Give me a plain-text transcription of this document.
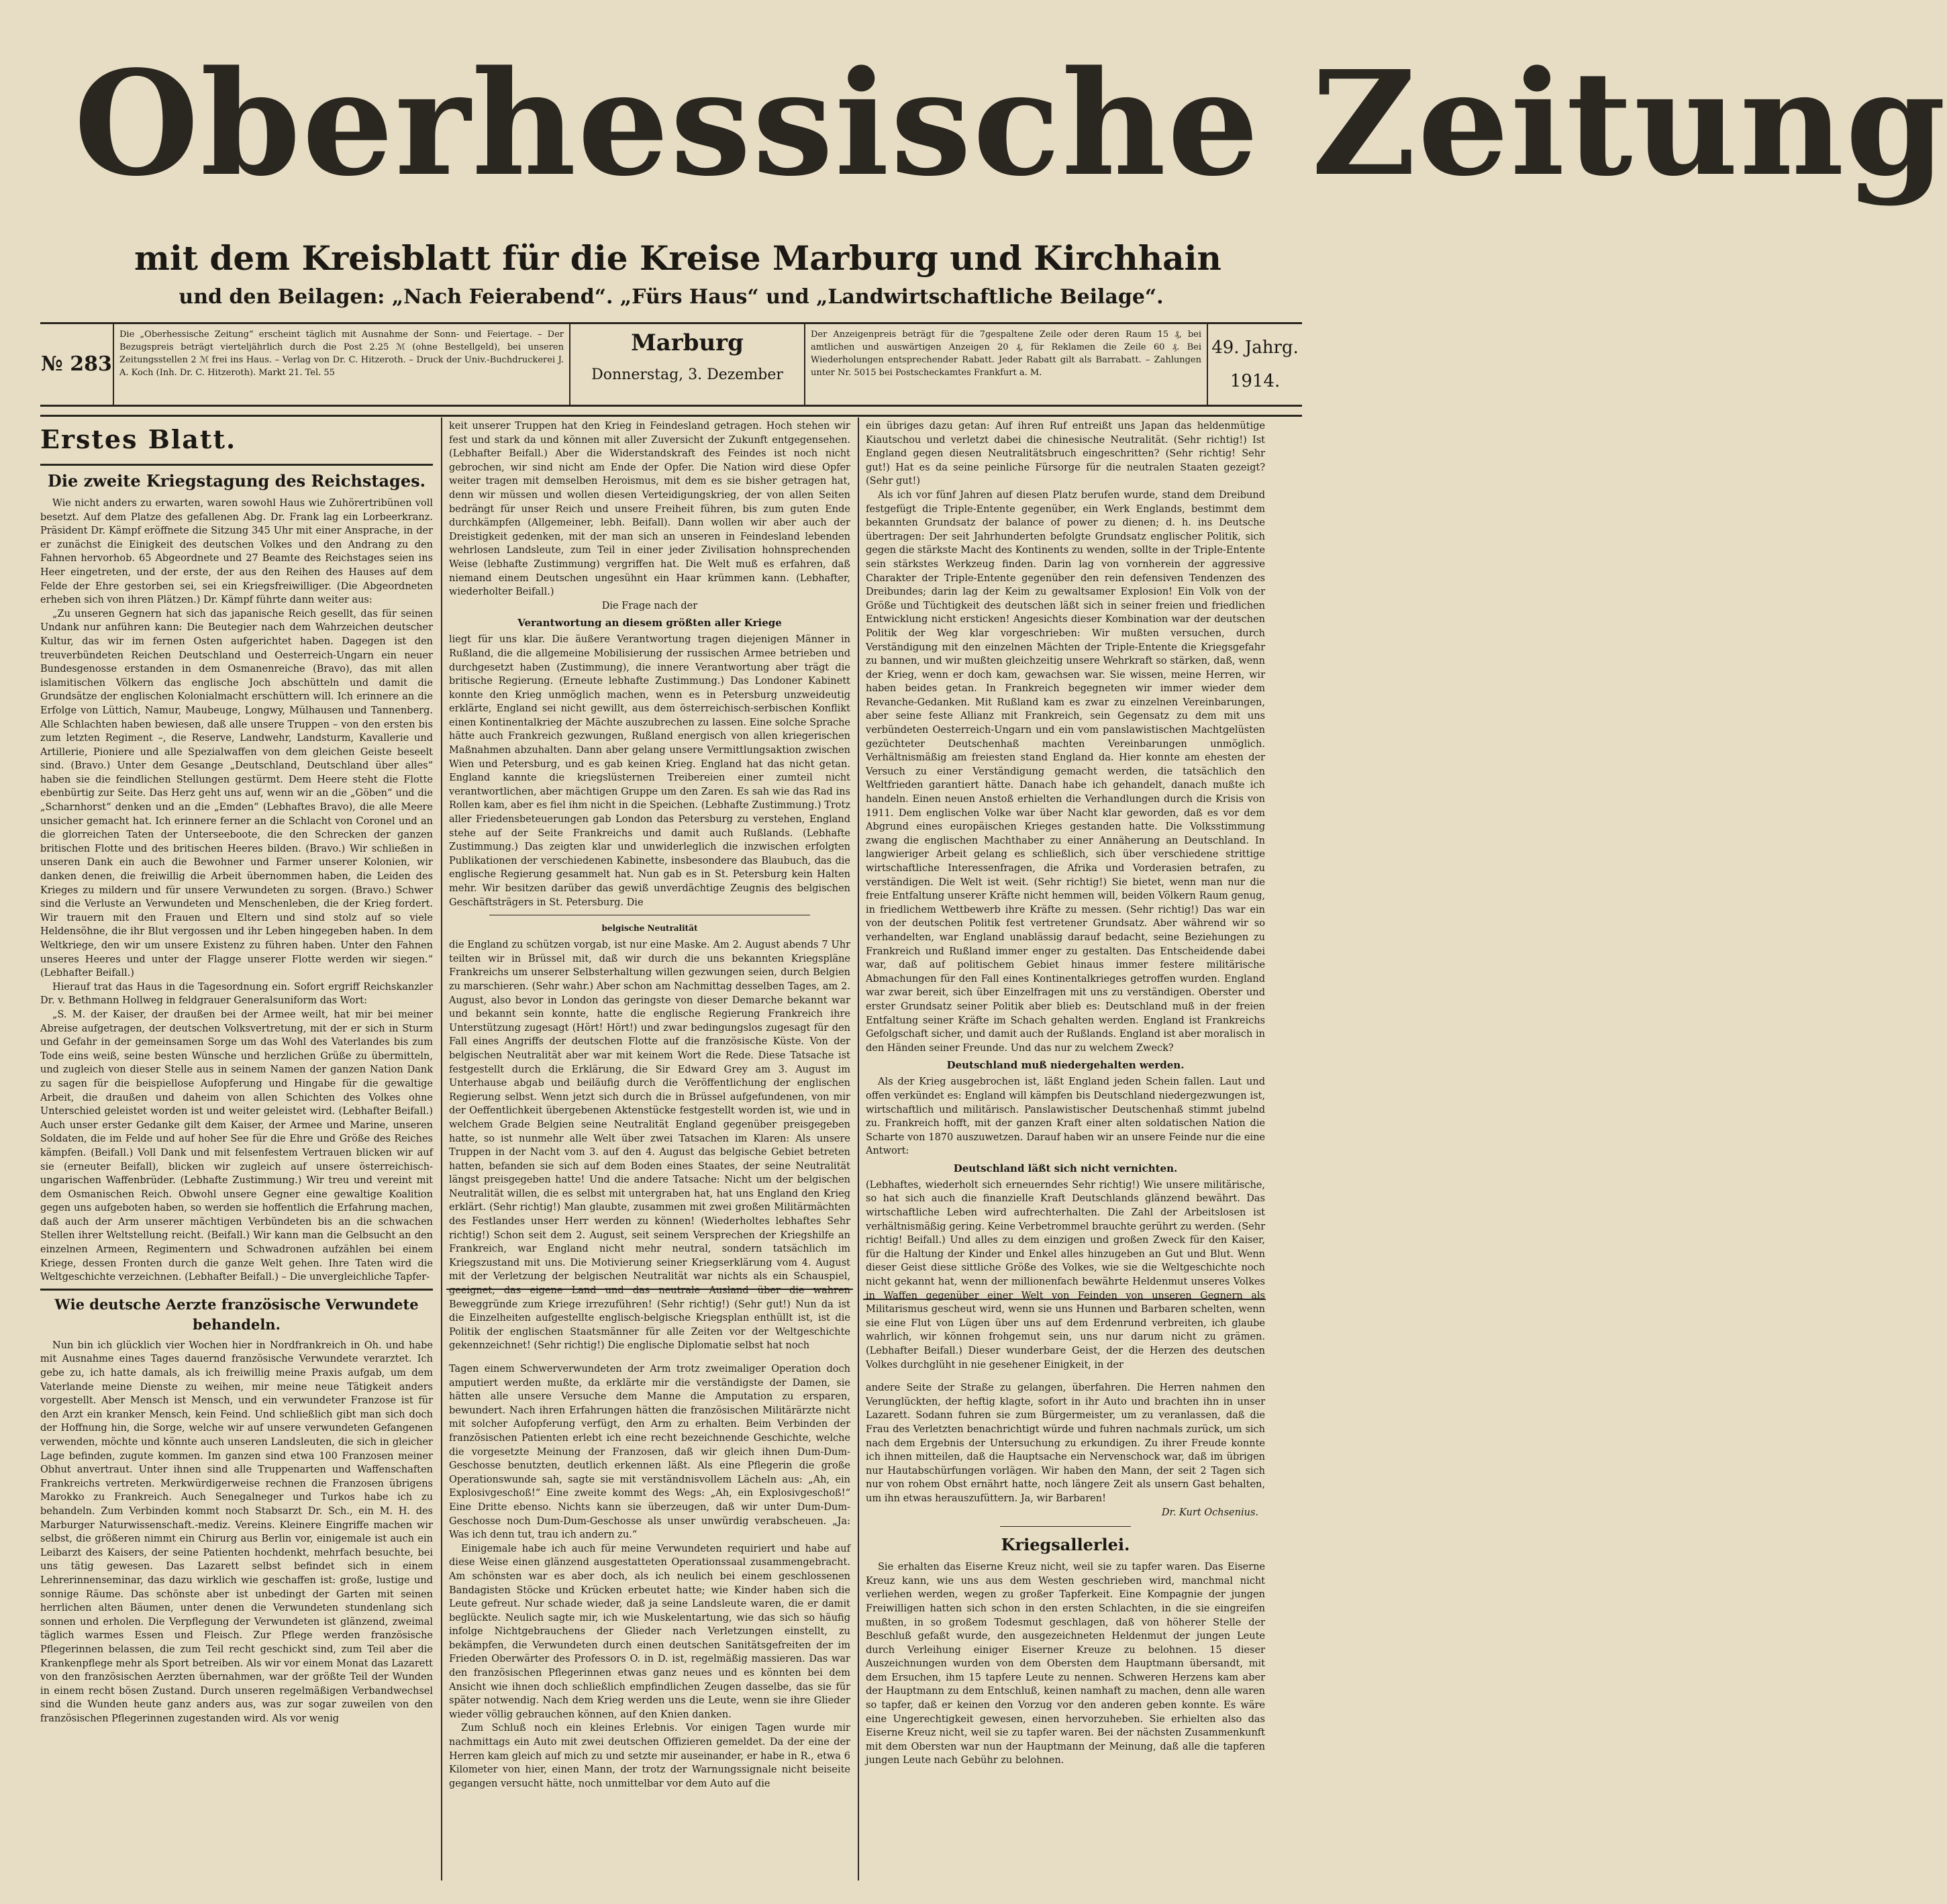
Oberhessische Zeitung
mit dem Kreisblatt für die Kreise Marburg und Kirchhain
und den Beilagen: „Nach Feierabend“. „Fürs Haus“ und „Landwirtschaftliche Beilage“.
№ 283
Die „Oberhessische Zeitung“ erscheint täglich mit Ausnahme der Sonn- und Feiertage. – Der Bezugspreis beträgt vierteljährlich durch die Post 2.25 ℳ (ohne Bestellgeld), bei unseren Zeitungsstellen 2 ℳ frei ins Haus. – Verlag von Dr. C. Hitzeroth. – Druck der Univ.-Buchdruckerei J. A. Koch (Inh. Dr. C. Hitzeroth). Markt 21. Tel. 55
Marburg
Donnerstag, 3. Dezember
Der Anzeigenpreis beträgt für die 7gespaltene Zeile oder deren Raum 15 ₰, bei amtlichen und auswärtigen Anzeigen 20 ₰, für Reklamen die Zeile 60 ₰. Bei Wiederholungen entsprechender Rabatt. Jeder Rabatt gilt als Barrabatt. – Zahlungen unter Nr. 5015 bei Postscheckamtes Frankfurt a. M.
49. Jahrg.
1914.
Erstes Blatt.
Die zweite Kriegstagung des Reichstages.

Wie nicht anders zu erwarten, waren sowohl Haus wie Zuhörertribünen voll besetzt. Auf dem Platze des gefallenen Abg. Dr. Frank lag ein Lorbeerkranz. Präsident Dr. Kämpf eröffnete die Sitzung 345 Uhr mit einer Ansprache, in der er zunächst die Einigkeit des deutschen Volkes und den Andrang zu den Fahnen hervorhob. 65 Abgeordnete und 27 Beamte des Reichstages seien ins Heer eingetreten, und der erste, der aus den Reihen des Hauses auf dem Felde der Ehre gestorben sei, sei ein Kriegsfreiwilliger. (Die Abgeordneten erheben sich von ihren Plätzen.) Dr. Kämpf führte dann weiter aus:

„Zu unseren Gegnern hat sich das japanische Reich gesellt, das für seinen Undank nur anführen kann: Die Beutegier nach dem Wahrzeichen deutscher Kultur, das wir im fernen Osten aufgerichtet haben. Dagegen ist den treuverbündeten Reichen Deutschland und Oesterreich-Ungarn ein neuer Bundesgenosse erstanden in dem Osmanenreiche (Bravo), das mit allen islamitischen Völkern das englische Joch abschütteln und damit die Grundsätze der englischen Kolonialmacht erschüttern will. Ich erinnere an die Erfolge von Lüttich, Namur, Maubeuge, Longwy, Mülhausen und Tannenberg. Alle Schlachten haben bewiesen, daß alle unsere Truppen – von den ersten bis zum letzten Regiment –, die Reserve, Landwehr, Landsturm, Kavallerie und Artillerie, Pioniere und alle Spezialwaffen von dem gleichen Geiste beseelt sind. (Bravo.) Unter dem Gesange „Deutschland, Deutschland über alles“ haben sie die feindlichen Stellungen gestürmt. Dem Heere steht die Flotte ebenbürtig zur Seite. Das Herz geht uns auf, wenn wir an die „Göben“ und die „Scharnhorst“ denken und an die „Emden“ (Lebhaftes Bravo), die alle Meere unsicher gemacht hat. Ich erinnere ferner an die Schlacht von Coronel und an die glorreichen Taten der Unterseeboote, die den Schrecken der ganzen britischen Flotte und des britischen Heeres bilden. (Bravo.) Wir schließen in unseren Dank ein auch die Bewohner und Farmer unserer Kolonien, wir danken denen, die freiwillig die Arbeit übernommen haben, die Leiden des Krieges zu mildern und für unsere Verwundeten zu sorgen. (Bravo.) Schwer sind die Verluste an Verwundeten und Menschenleben, die der Krieg fordert. Wir trauern mit den Frauen und Eltern und sind stolz auf so viele Heldensöhne, die ihr Blut vergossen und ihr Leben hingegeben haben. In dem Weltkriege, den wir um unsere Existenz zu führen haben. Unter den Fahnen unseres Heeres und unter der Flagge unserer Flotte werden wir siegen.“ (Lebhafter Beifall.)

Hierauf trat das Haus in die Tagesordnung ein. Sofort ergriff Reichskanzler Dr. v. Bethmann Hollweg in feldgrauer Generalsuniform das Wort:

„S. M. der Kaiser, der draußen bei der Armee weilt, hat mir bei meiner Abreise aufgetragen, der deutschen Volksvertretung, mit der er sich in Sturm und Gefahr in der gemeinsamen Sorge um das Wohl des Vaterlandes bis zum Tode eins weiß, seine besten Wünsche und herzlichen Grüße zu übermitteln, und zugleich von dieser Stelle aus in seinem Namen der ganzen Nation Dank zu sagen für die beispiellose Aufopferung und Hingabe für die gewaltige Arbeit, die draußen und daheim von allen Schichten des Volkes ohne Unterschied geleistet worden ist und weiter geleistet wird. (Lebhafter Beifall.) Auch unser erster Gedanke gilt dem Kaiser, der Armee und Marine, unseren Soldaten, die im Felde und auf hoher See für die Ehre und Größe des Reiches kämpfen. (Beifall.) Voll Dank und mit felsenfestem Vertrauen blicken wir auf sie (erneuter Beifall), blicken wir zugleich auf unsere österreichisch-ungarischen Waffenbrüder. (Lebhafte Zustimmung.) Wir treu und vereint mit dem Osmanischen Reich. Obwohl unsere Gegner eine gewaltige Koalition gegen uns aufgeboten haben, so werden sie hoffentlich die Erfahrung machen, daß auch der Arm unserer mächtigen Verbündeten bis an die schwachen Stellen ihrer Weltstellung reicht. (Beifall.) Wir kann man die Gelbsucht an den einzelnen Armeen, Regimentern und Schwadronen aufzählen bei einem Kriege, dessen Fronten durch die ganze Welt gehen. Ihre Taten wird die Weltgeschichte verzeichnen. (Lebhafter Beifall.) – Die unvergleichliche Tapfer-

Wie deutsche Aerzte französische Verwundete behandeln.

Nun bin ich glücklich vier Wochen hier in Nordfrankreich in Oh. und habe mit Ausnahme eines Tages dauernd französische Verwundete verarztet. Ich gebe zu, ich hatte damals, als ich freiwillig meine Praxis aufgab, um dem Vaterlande meine Dienste zu weihen, mir meine neue Tätigkeit anders vorgestellt. Aber Mensch ist Mensch, und ein verwundeter Franzose ist für den Arzt ein kranker Mensch, kein Feind. Und schließlich gibt man sich doch der Hoffnung hin, die Sorge, welche wir auf unsere verwundeten Gefangenen verwenden, möchte und könnte auch unseren Landsleuten, die sich in gleicher Lage befinden, zugute kommen. Im ganzen sind etwa 100 Franzosen meiner Obhut anvertraut. Unter ihnen sind alle Truppenarten und Waffenschaften Frankreichs vertreten. Merkwürdigerweise rechnen die Franzosen übrigens Marokko zu Frankreich. Auch Senegalneger und Turkos habe ich zu behandeln. Zum Verbinden kommt noch Stabsarzt Dr. Sch., ein M. H. des Marburger Naturwissenschaft.-mediz. Vereins. Kleinere Eingriffe machen wir selbst, die größeren nimmt ein Chirurg aus Berlin vor, einigemale ist auch ein Leibarzt des Kaisers, der seine Patienten hochdenkt, mehrfach besuchte, bei uns tätig gewesen. Das Lazarett selbst befindet sich in einem Lehrerinnenseminar, das dazu wirklich wie geschaffen ist: große, lustige und sonnige Räume. Das schönste aber ist unbedingt der Garten mit seinen herrlichen alten Bäumen, unter denen die Verwundeten stundenlang sich sonnen und erholen. Die Verpflegung der Verwundeten ist glänzend, zweimal täglich warmes Essen und Fleisch. Zur Pflege werden französische Pflegerinnen belassen, die zum Teil recht geschickt sind, zum Teil aber die Krankenpflege mehr als Sport betreiben. Als wir vor einem Monat das Lazarett von den französischen Aerzten übernahmen, war der größte Teil der Wunden in einem recht bösen Zustand. Durch unseren regelmäßigen Verbandwechsel sind die Wunden heute ganz anders aus, was zur sogar zuweilen von den französischen Pflegerinnen zugestanden wird. Als vor wenig

keit unserer Truppen hat den Krieg in Feindesland getragen. Hoch stehen wir fest und stark da und können mit aller Zuversicht der Zukunft entgegensehen. (Lebhafter Beifall.) Aber die Widerstandskraft des Feindes ist noch nicht gebrochen, wir sind nicht am Ende der Opfer. Die Nation wird diese Opfer weiter tragen mit demselben Heroismus, mit dem es sie bisher getragen hat, denn wir müssen und wollen diesen Verteidigungskrieg, der von allen Seiten bedrängt für unser Reich und unsere Freiheit führen, bis zum guten Ende durchkämpfen (Allgemeiner, lebh. Beifall). Dann wollen wir aber auch der Dreistigkeit gedenken, mit der man sich an unseren in Feindesland lebenden wehrlosen Landsleute, zum Teil in einer jeder Zivilisation hohnsprechenden Weise (lebhafte Zustimmung) vergriffen hat. Die Welt muß es erfahren, daß niemand einem Deutschen ungesühnt ein Haar krümmen kann. (Lebhafter, wiederholter Beifall.)

Die Frage nach der

Verantwortung an diesem größten aller Kriege

liegt für uns klar. Die äußere Verantwortung tragen diejenigen Männer in Rußland, die die allgemeine Mobilisierung der russischen Armee betrieben und durchgesetzt haben (Zustimmung), die innere Verantwortung aber trägt die britische Regierung. (Erneute lebhafte Zustimmung.) Das Londoner Kabinett konnte den Krieg unmöglich machen, wenn es in Petersburg unzweideutig erklärte, England sei nicht gewillt, aus dem österreichisch-serbischen Konflikt einen Kontinentalkrieg der Mächte auszubrechen zu lassen. Eine solche Sprache hätte auch Frankreich gezwungen, Rußland energisch von allen kriegerischen Maßnahmen abzuhalten. Dann aber gelang unsere Vermittlungsaktion zwischen Wien und Petersburg, und es gab keinen Krieg. England hat das nicht getan. England kannte die kriegslüsternen Treibereien einer zumteil nicht verantwortlichen, aber mächtigen Gruppe um den Zaren. Es sah wie das Rad ins Rollen kam, aber es fiel ihm nicht in die Speichen. (Lebhafte Zustimmung.) Trotz aller Friedensbeteuerungen gab London das Petersburg zu verstehen, England stehe auf der Seite Frankreichs und damit auch Rußlands. (Lebhafte Zustimmung.) Das zeigten klar und unwiderleglich die inzwischen erfolgten Publikationen der verschiedenen Kabinette, insbesondere das Blaubuch, das die englische Regierung gesammelt hat. Nun gab es in St. Petersburg kein Halten mehr. Wir besitzen darüber das gewiß unverdächtige Zeugnis des belgischen Geschäftsträgers in St. Petersburg. Die

belgische Neutralität

die England zu schützen vorgab, ist nur eine Maske. Am 2. August abends 7 Uhr teilten wir in Brüssel mit, daß wir durch die uns bekannten Kriegspläne Frankreichs um unserer Selbsterhaltung willen gezwungen seien, durch Belgien zu marschieren. (Sehr wahr.) Aber schon am Nachmittag desselben Tages, am 2. August, also bevor in London das geringste von dieser Demarche bekannt war und bekannt sein konnte, hatte die englische Regierung Frankreich ihre Unterstützung zugesagt (Hört! Hört!) und zwar bedingungslos zugesagt für den Fall eines Angriffs der deutschen Flotte auf die französische Küste. Von der belgischen Neutralität aber war mit keinem Wort die Rede. Diese Tatsache ist festgestellt durch die Erklärung, die Sir Edward Grey am 3. August im Unterhause abgab und beiläufig durch die Veröffentlichung der englischen Regierung selbst. Wenn jetzt sich durch die in Brüssel aufgefundenen, von mir der Oeffentlichkeit übergebenen Aktenstücke festgestellt worden ist, wie und in welchem Grade Belgien seine Neutralität England gegenüber preisgegeben hatte, so ist nunmehr alle Welt über zwei Tatsachen im Klaren: Als unsere Truppen in der Nacht vom 3. auf den 4. August das belgische Gebiet betreten hatten, befanden sie sich auf dem Boden eines Staates, der seine Neutralität längst preisgegeben hatte! Und die andere Tatsache: Nicht um der belgischen Neutralität willen, die es selbst mit untergraben hat, hat uns England den Krieg erklärt. (Sehr richtig!) Man glaubte, zusammen mit zwei großen Militärmächten des Festlandes unser Herr werden zu können! (Wiederholtes lebhaftes Sehr richtig!) Schon seit dem 2. August, seit seinem Versprechen der Kriegshilfe an Frankreich, war England nicht mehr neutral, sondern tatsächlich im Kriegszustand mit uns. Die Motivierung seiner Kriegserklärung vom 4. August mit der Verletzung der belgischen Neutralität war nichts als ein Schauspiel, geeignet, das eigene Land und das neutrale Ausland über die wahren Beweggründe zum Kriege irrezuführen! (Sehr richtig!) (Sehr gut!) Nun da ist die Einzelheiten aufgestellte englisch-belgische Kriegsplan enthüllt ist, ist die Politik der englischen Staatsmänner für alle Zeiten vor der Weltgeschichte gekennzeichnet! (Sehr richtig!) Die englische Diplomatie selbst hat noch

Tagen einem Schwerverwundeten der Arm trotz zweimaliger Operation doch amputiert werden mußte, da erklärte mir die verständigste der Damen, sie hätten alle unsere Versuche dem Manne die Amputation zu ersparen, bewundert. Nach ihren Erfahrungen hätten die französischen Militärärzte nicht mit solcher Aufopferung verfügt, den Arm zu erhalten. Beim Verbinden der französischen Patienten erlebt ich eine recht bezeichnende Geschichte, welche die vorgesetzte Meinung der Franzosen, daß wir gleich ihnen Dum-Dum-Geschosse benutzten, deutlich erkennen läßt. Als eine Pflegerin die große Operationswunde sah, sagte sie mit verständnisvollem Lächeln aus: „Ah, ein Explosivgeschoß!“ Eine zweite kommt des Wegs: „Ah, ein Explosivgeschoß!“ Eine Dritte ebenso. Nichts kann sie überzeugen, daß wir unter Dum-Dum-Geschosse noch Dum-Dum-Geschosse als unser unwürdig verabscheuen. „Ja: Was ich denn tut, trau ich andern zu.“

Einigemale habe ich auch für meine Verwundeten requiriert und habe auf diese Weise einen glänzend ausgestatteten Operationssaal zusammengebracht. Am schönsten war es aber doch, als ich neulich bei einem geschlossenen Bandagisten Stöcke und Krücken erbeutet hatte; wie Kinder haben sich die Leute gefreut. Nur schade wieder, daß ja seine Landsleute waren, die er damit beglückte. Neulich sagte mir, ich wie Muskelentartung, wie das sich so häufig infolge Nichtgebrauchens der Glieder nach Verletzungen einstellt, zu bekämpfen, die Verwundeten durch einen deutschen Sanitätsgefreiten der im Frieden Oberwärter des Professors O. in D. ist, regelmäßig massieren. Das war den französischen Pflegerinnen etwas ganz neues und es könnten bei dem Ansicht wie ihnen doch schließlich empfindlichen Zeugen dasselbe, das sie für später notwendig. Nach dem Krieg werden uns die Leute, wenn sie ihre Glieder wieder völlig gebrauchen können, auf den Knien danken.

Zum Schluß noch ein kleines Erlebnis. Vor einigen Tagen wurde mir nachmittags ein Auto mit zwei deutschen Offizieren gemeldet. Da der eine der Herren kam gleich auf mich zu und setzte mir auseinander, er habe in R., etwa 6 Kilometer von hier, einen Mann, der trotz der Warnungssignale nicht beiseite gegangen versucht hätte, noch unmittelbar vor dem Auto auf die

ein übriges dazu getan: Auf ihren Ruf entreißt uns Japan das heldenmütige Kiautschou und verletzt dabei die chinesische Neutralität. (Sehr richtig!) Ist England gegen diesen Neutralitätsbruch eingeschritten? (Sehr richtig! Sehr gut!) Hat es da seine peinliche Fürsorge für die neutralen Staaten gezeigt? (Sehr gut!)

Als ich vor fünf Jahren auf diesen Platz berufen wurde, stand dem Dreibund festgefügt die Triple-Entente gegenüber, ein Werk Englands, bestimmt dem bekannten Grundsatz der balance of power zu dienen; d. h. ins Deutsche übertragen: Der seit Jahrhunderten befolgte Grundsatz englischer Politik, sich gegen die stärkste Macht des Kontinents zu wenden, sollte in der Triple-Entente sein stärkstes Werkzeug finden. Darin lag von vornherein der aggressive Charakter der Triple-Entente gegenüber den rein defensiven Tendenzen des Dreibundes; darin lag der Keim zu gewaltsamer Explosion! Ein Volk von der Größe und Tüchtigkeit des deutschen läßt sich in seiner freien und friedlichen Entwicklung nicht ersticken! Angesichts dieser Kombination war der deutschen Politik der Weg klar vorgeschrieben: Wir mußten versuchen, durch Verständigung mit den einzelnen Mächten der Triple-Entente die Kriegsgefahr zu bannen, und wir mußten gleichzeitig unsere Wehrkraft so stärken, daß, wenn der Krieg, wenn er doch kam, gewachsen war. Sie wissen, meine Herren, wir haben beides getan. In Frankreich begegneten wir immer wieder dem Revanche-Gedanken. Mit Rußland kam es zwar zu einzelnen Vereinbarungen, aber seine feste Allianz mit Frankreich, sein Gegensatz zu dem mit uns verbündeten Oesterreich-Ungarn und ein vom panslawistischen Machtgelüsten gezüchteter Deutschenhaß machten Vereinbarungen unmöglich. Verhältnismäßig am freiesten stand England da. Hier konnte am ehesten der Versuch zu einer Verständigung gemacht werden, die tatsächlich den Weltfrieden garantiert hätte. Danach habe ich gehandelt, danach mußte ich handeln. Einen neuen Anstoß erhielten die Verhandlungen durch die Krisis von 1911. Dem englischen Volke war über Nacht klar geworden, daß es vor dem Abgrund eines europäischen Krieges gestanden hatte. Die Volksstimmung zwang die englischen Machthaber zu einer Annäherung an Deutschland. In langwieriger Arbeit gelang es schließlich, sich über verschiedene strittige wirtschaftliche Interessenfragen, die Afrika und Vorderasien betrafen, zu verständigen. Die Welt ist weit. (Sehr richtig!) Sie bietet, wenn man nur die freie Entfaltung unserer Kräfte nicht hemmen will, beiden Völkern Raum genug, in friedlichem Wettbewerb ihre Kräfte zu messen. (Sehr richtig!) Das war ein von der deutschen Politik fest vertretener Grundsatz. Aber während wir so verhandelten, war England unablässig darauf bedacht, seine Beziehungen zu Frankreich und Rußland immer enger zu gestalten. Das Entscheidende dabei war, daß auf politischem Gebiet hinaus immer festere militärische Abmachungen für den Fall eines Kontinentalkrieges getroffen wurden. England war zwar bereit, sich über Einzelfragen mit uns zu verständigen. Oberster und erster Grundsatz seiner Politik aber blieb es: Deutschland muß in der freien Entfaltung seiner Kräfte im Schach gehalten werden. England ist Frankreichs Gefolgschaft sicher, und damit auch der Rußlands. England ist aber moralisch in den Händen seiner Freunde. Und das nur zu welchem Zweck?

Deutschland muß niedergehalten werden.

Als der Krieg ausgebrochen ist, läßt England jeden Schein fallen. Laut und offen verkündet es: England will kämpfen bis Deutschland niedergezwungen ist, wirtschaftlich und militärisch. Panslawistischer Deutschenhaß stimmt jubelnd zu. Frankreich hofft, mit der ganzen Kraft einer alten soldatischen Nation die Scharte von 1870 auszuwetzen. Darauf haben wir an unsere Feinde nur die eine Antwort:

Deutschland läßt sich nicht vernichten.

(Lebhaftes, wiederholt sich erneuerndes Sehr richtig!) Wie unsere militärische, so hat sich auch die finanzielle Kraft Deutschlands glänzend bewährt. Das wirtschaftliche Leben wird aufrechterhalten. Die Zahl der Arbeitslosen ist verhältnismäßig gering. Keine Verbetrommel brauchte gerührt zu werden. (Sehr richtig! Beifall.) Und alles zu dem einzigen und großen Zweck für den Kaiser, für die Haltung der Kinder und Enkel alles hinzugeben an Gut und Blut. Wenn dieser Geist diese sittliche Größe des Volkes, wie sie die Weltgeschichte noch nicht gekannt hat, wenn der millionenfach bewährte Heldenmut unseres Volkes in Waffen gegenüber einer Welt von Feinden von unseren Gegnern als Militarismus gescheut wird, wenn sie uns Hunnen und Barbaren schelten, wenn sie eine Flut von Lügen über uns auf dem Erdenrund verbreiten, ich glaube wahrlich, wir können frohgemut sein, uns nur darum nicht zu grämen. (Lebhafter Beifall.) Dieser wunderbare Geist, der die Herzen des deutschen Volkes durchglüht in nie gesehener Einigkeit, in der

andere Seite der Straße zu gelangen, überfahren. Die Herren nahmen den Verunglückten, der heftig klagte, sofort in ihr Auto und brachten ihn in unser Lazarett. Sodann fuhren sie zum Bürgermeister, um zu veranlassen, daß die Frau des Verletzten benachrichtigt würde und fuhren nachmals zurück, um sich nach dem Ergebnis der Untersuchung zu erkundigen. Zu ihrer Freude konnte ich ihnen mitteilen, daß die Hauptsache ein Nervenschock war, daß im übrigen nur Hautabschürfungen vorlägen. Wir haben den Mann, der seit 2 Tagen sich nur von rohem Obst ernährt hatte, noch längere Zeit als unsern Gast behalten, um ihn etwas herauszufüttern. Ja, wir Barbaren!

Dr. Kurt Ochsenius.
Kriegsallerlei.

Sie erhalten das Eiserne Kreuz nicht, weil sie zu tapfer waren. Das Eiserne Kreuz kann, wie uns aus dem Westen geschrieben wird, manchmal nicht verliehen werden, wegen zu großer Tapferkeit. Eine Kompagnie der jungen Freiwilligen hatten sich schon in den ersten Schlachten, in die sie eingreifen mußten, in so großem Todesmut geschlagen, daß von höherer Stelle der Beschluß gefaßt wurde, den ausgezeichneten Heldenmut der jungen Leute durch Verleihung einiger Eiserner Kreuze zu belohnen. 15 dieser Auszeichnungen wurden von dem Obersten dem Hauptmann übersandt, mit dem Ersuchen, ihm 15 tapfere Leute zu nennen. Schweren Herzens kam aber der Hauptmann zu dem Entschluß, keinen namhaft zu machen, denn alle waren so tapfer, daß er keinen den Vorzug vor den anderen geben konnte. Es wäre eine Ungerechtigkeit gewesen, einen hervorzuheben. Sie erhielten also das Eiserne Kreuz nicht, weil sie zu tapfer waren. Bei der nächsten Zusammenkunft mit dem Obersten war nun der Hauptmann der Meinung, daß alle die tapferen jungen Leute nach Gebühr zu belohnen.
